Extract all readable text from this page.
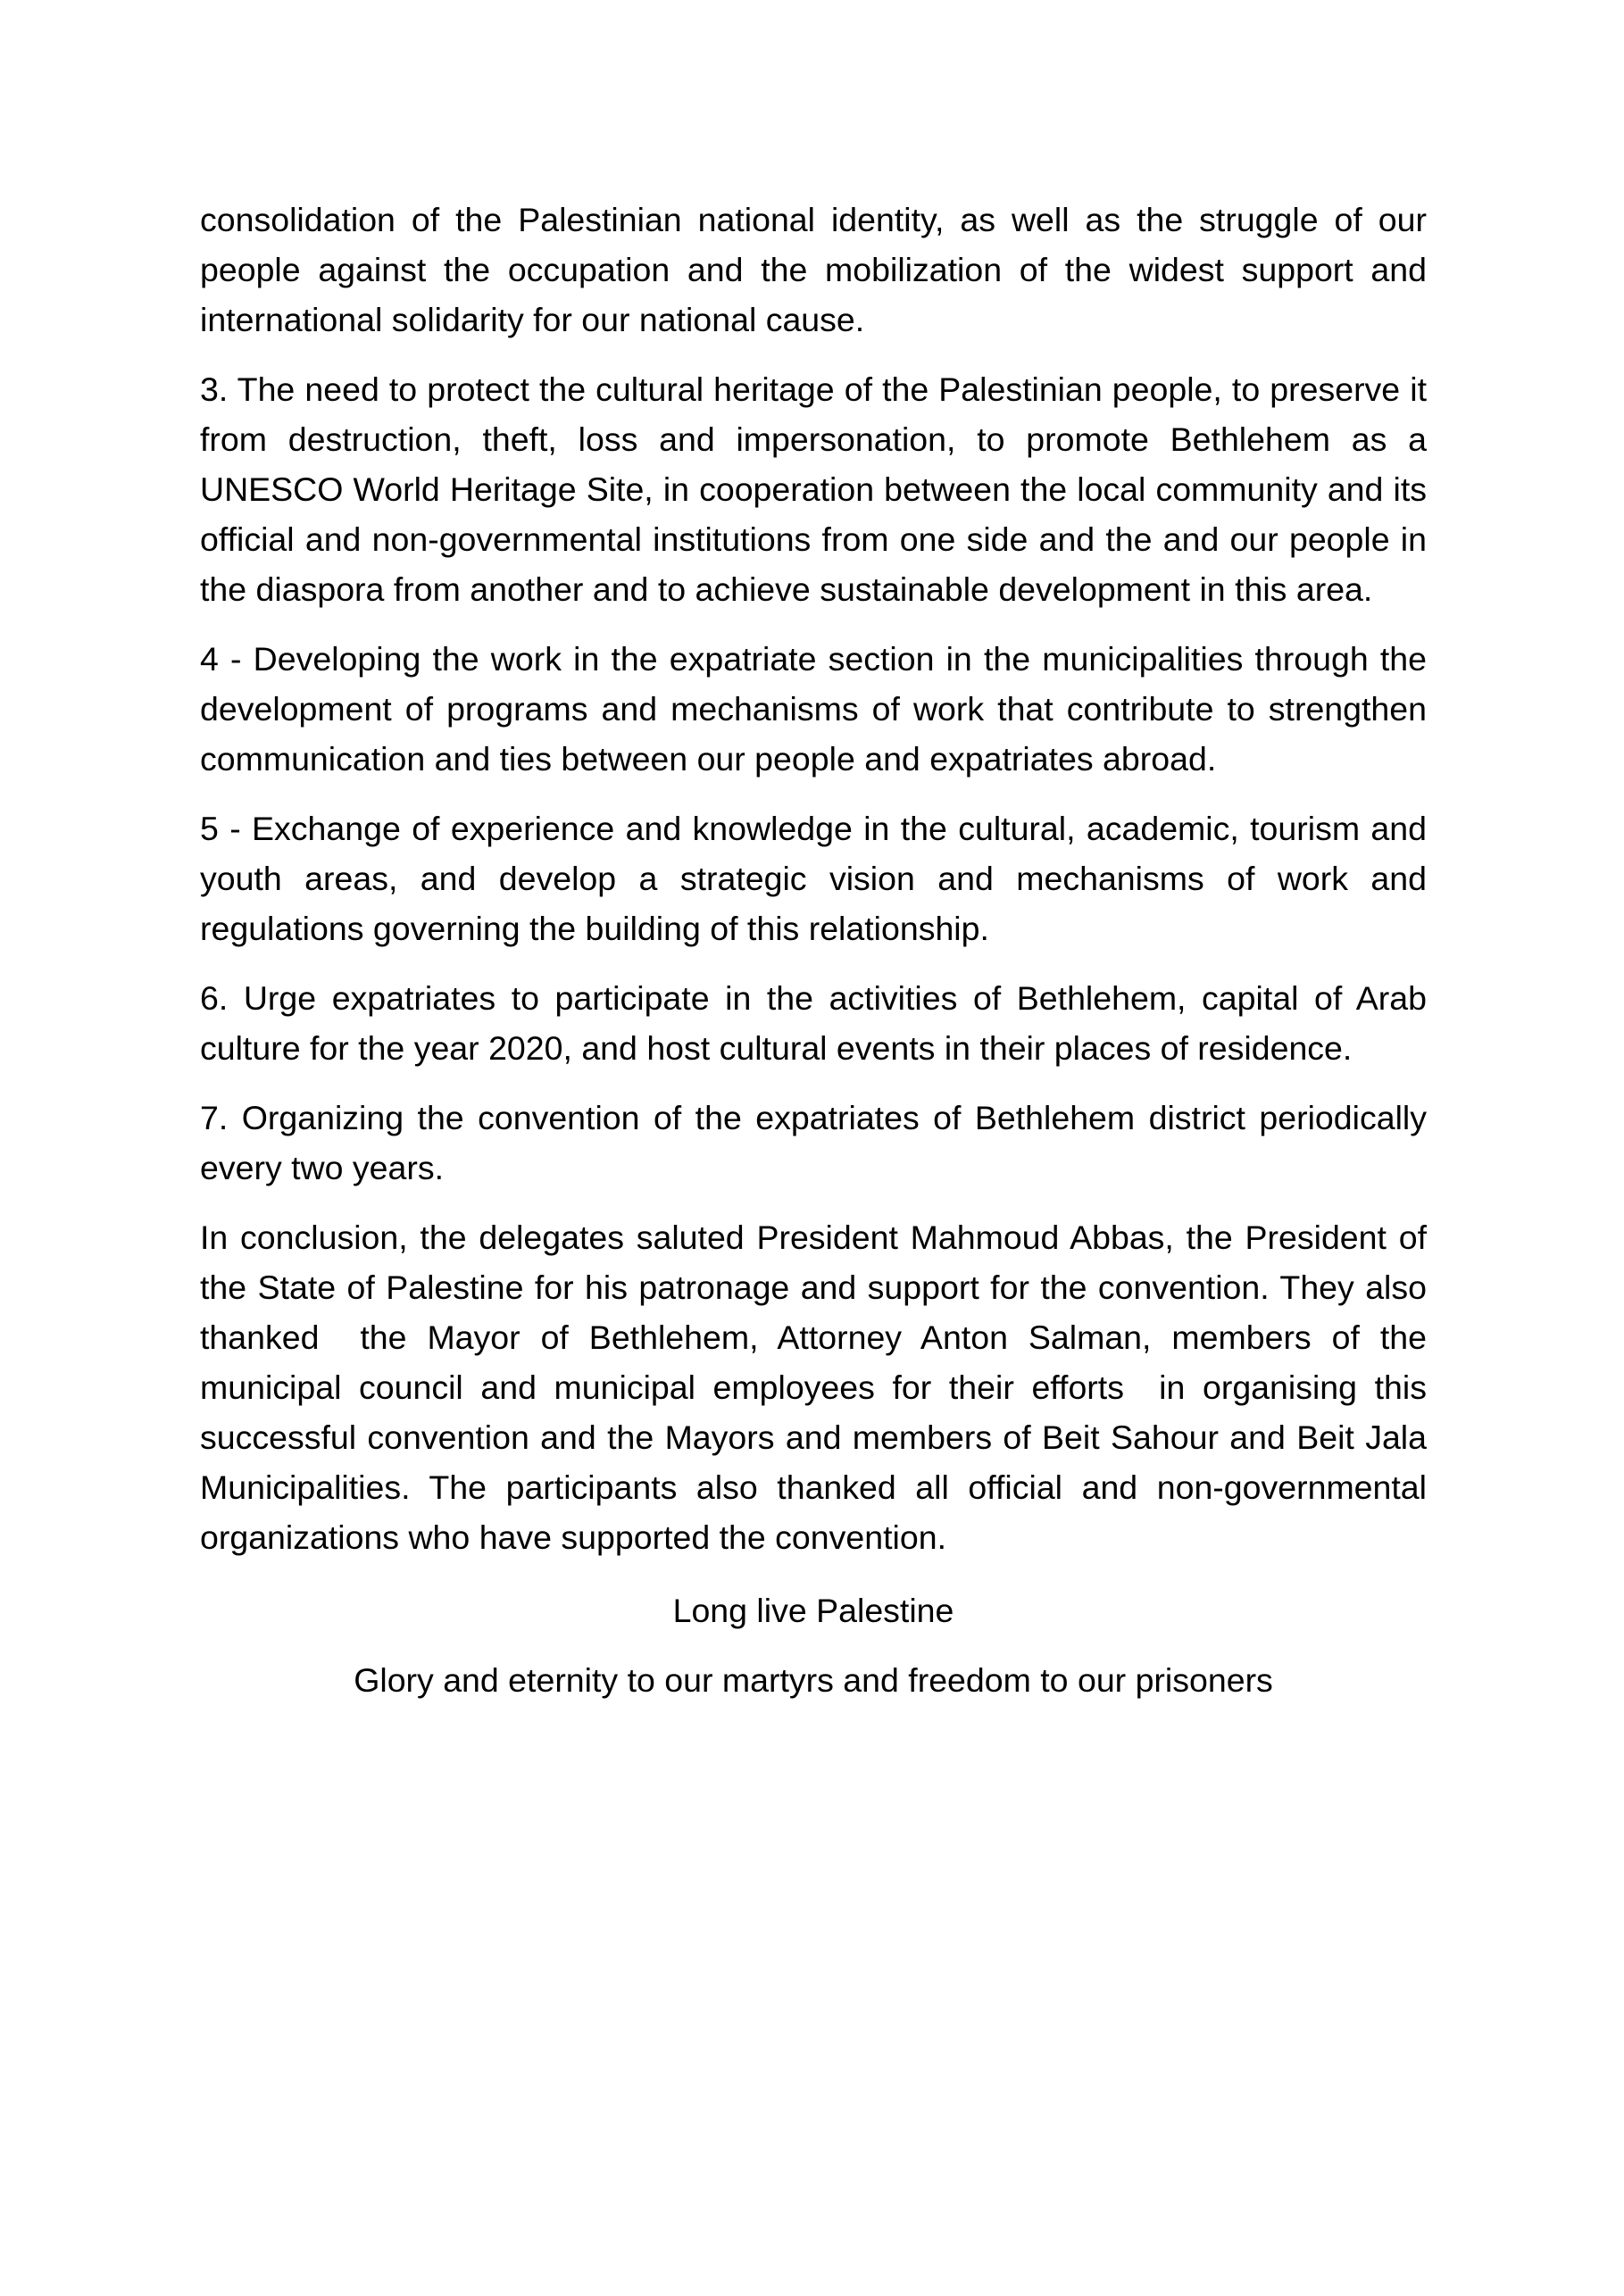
consolidation of the Palestinian national identity, as well as the struggle of our people against the occupation and the mobilization of the widest support and international solidarity for our national cause.

3. The need to protect the cultural heritage of the Palestinian people, to preserve it from destruction, theft, loss and impersonation, to promote Bethlehem as a UNESCO World Heritage Site, in cooperation between the local community and its official and non-governmental institutions from one side and the and our people in the diaspora from another and to achieve sustainable development in this area.

4 - Developing the work in the expatriate section in the municipalities through the development of programs and mechanisms of work that contribute to strengthen communication and ties between our people and expatriates abroad.

5 - Exchange of experience and knowledge in the cultural, academic, tourism and youth areas, and develop a strategic vision and mechanisms of work and regulations governing the building of this relationship.

6. Urge expatriates to participate in the activities of Bethlehem, capital of Arab culture for the year 2020, and host cultural events in their places of residence.

7. Organizing the convention of the expatriates of Bethlehem district periodically every two years.

In conclusion, the delegates saluted President Mahmoud Abbas, the President of the State of Palestine for his patronage and support for the convention. They also thanked  the Mayor of Bethlehem, Attorney Anton Salman, members of the municipal council and municipal employees for their efforts  in organising this successful convention and the Mayors and members of Beit Sahour and Beit Jala Municipalities. The participants also thanked all official and non-governmental organizations who have supported the convention.

Long live Palestine

Glory and eternity to our martyrs and freedom to our prisoners
